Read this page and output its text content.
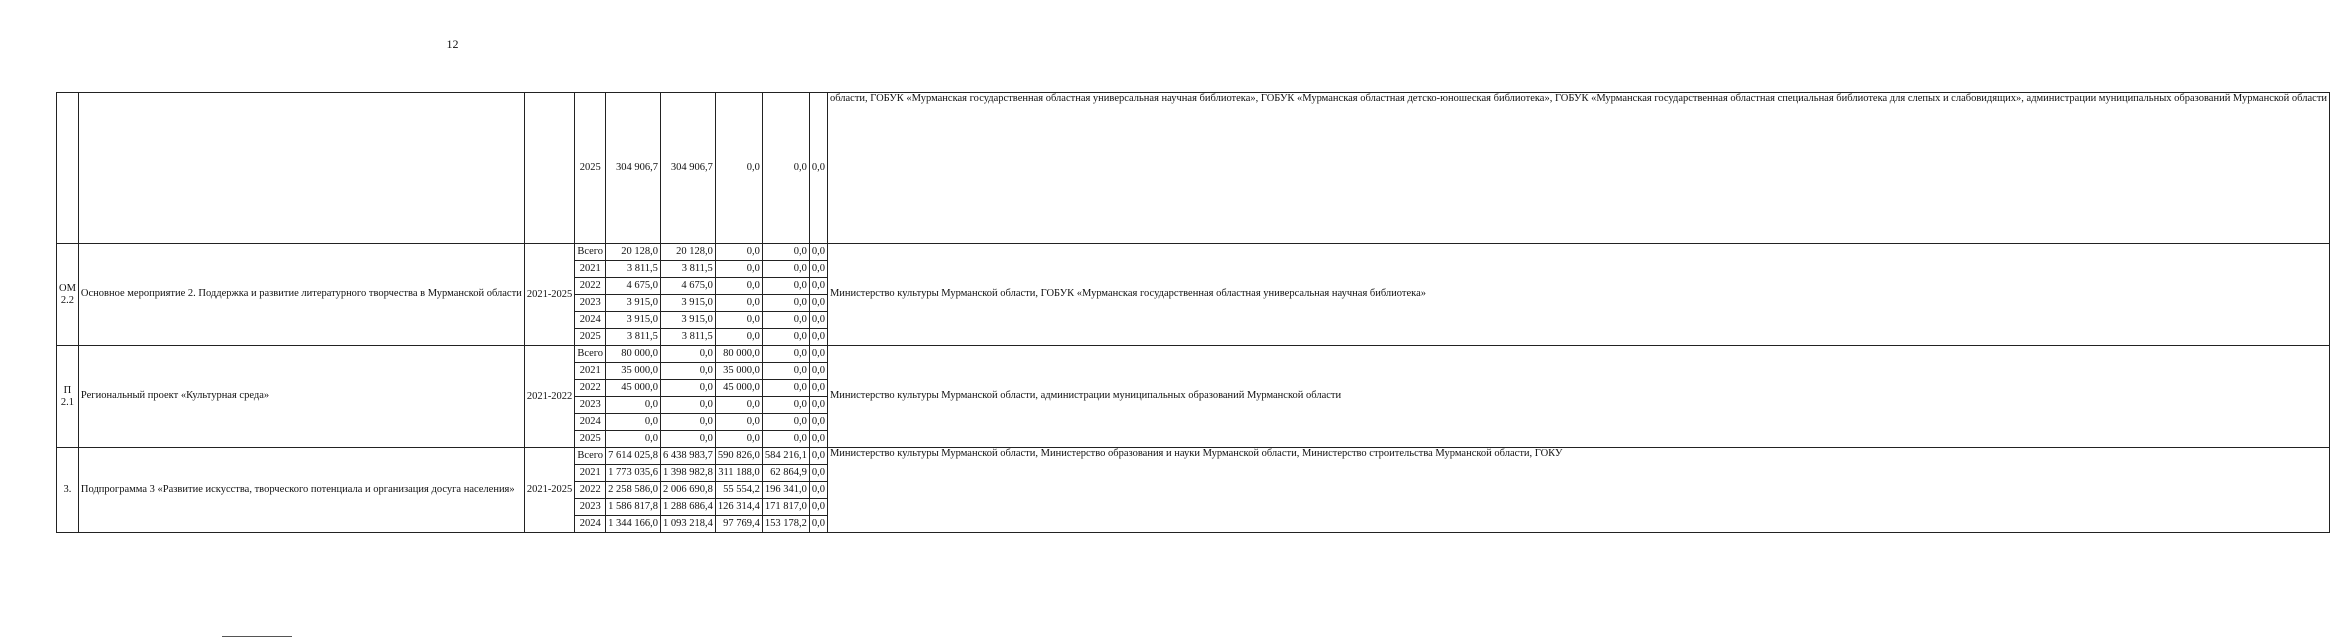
12
			2025	304 906,7	304 906,7	0,0	0,0	0,0	области, ГОБУК «Мурманская государственная областная универсальная научная библиотека», ГОБУК «Мурманская областная детско-юношеская библиотека», ГОБУК «Мурманская государственная областная специальная библиотека для слепых и слабовидящих», администрации муниципальных образований Мурманской области
ОМ 2.2	Основное мероприятие 2. Поддержка и развитие литературного творчества в Мурманской области	2021-2025	Всего	20 128,0	20 128,0	0,0	0,0	0,0	Министерство культуры Мурманской области, ГОБУК «Мурманская государственная областная универсальная научная библиотека»
			2021	3 811,5	3 811,5	0,0	0,0	0,0	
			2022	4 675,0	4 675,0	0,0	0,0	0,0	
			2023	3 915,0	3 915,0	0,0	0,0	0,0	
			2024	3 915,0	3 915,0	0,0	0,0	0,0	
			2025	3 811,5	3 811,5	0,0	0,0	0,0	
П 2.1	Региональный проект «Культурная среда»	2021-2022	Всего	80 000,0	0,0	80 000,0	0,0	0,0	Министерство культуры Мурманской области, администрации муниципальных образований Мурманской области
			2021	35 000,0	0,0	35 000,0	0,0	0,0	
			2022	45 000,0	0,0	45 000,0	0,0	0,0	
			2023	0,0	0,0	0,0	0,0	0,0	
			2024	0,0	0,0	0,0	0,0	0,0	
			2025	0,0	0,0	0,0	0,0	0,0	
3.	Подпрограмма 3 «Развитие искусства, творческого потенциала и организация досуга населения»	2021-2025	Всего	7 614 025,8	6 438 983,7	590 826,0	584 216,1	0,0	Министерство культуры Мурманской области, Министерство образования и науки Мурманской области, Министерство строительства Мурманской области, ГОКУ
			2021	1 773 035,6	1 398 982,8	311 188,0	62 864,9	0,0	
			2022	2 258 586,0	2 006 690,8	55 554,2	196 341,0	0,0	
			2023	1 586 817,8	1 288 686,4	126 314,4	171 817,0	0,0	
			2024	1 344 166,0	1 093 218,4	97 769,4	153 178,2	0,0	
